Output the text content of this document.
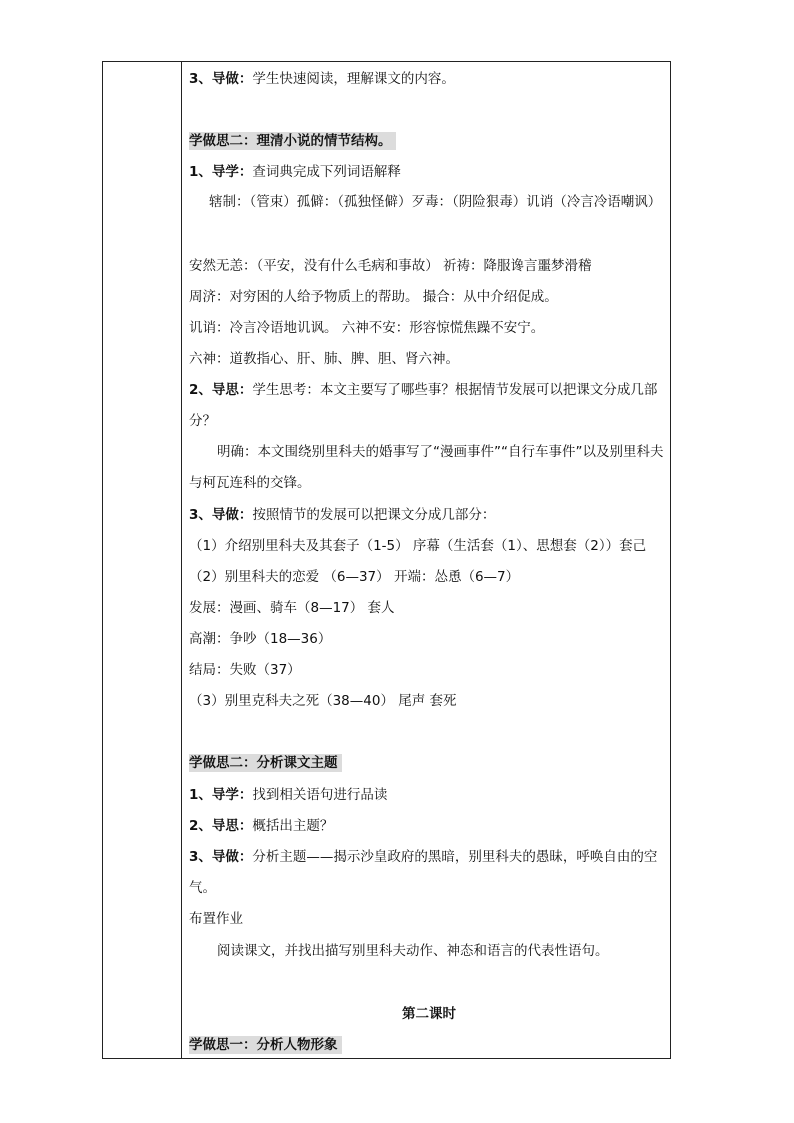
3、导做：学生快速阅读，理解课文的内容。
学做思二：理清小说的情节结构。
1、导学：查词典完成下列词语解释
辖制：（管束）孤僻：（孤独怪僻）歹毒：（阴险狠毒）讥诮（冷言冷语嘲讽）
安然无恙：（平安，没有什么毛病和事故） 祈祷：降服谗言噩梦滑稽
周济：对穷困的人给予物质上的帮助。 撮合：从中介绍促成。
讥诮：冷言冷语地讥讽。 六神不安：形容惊慌焦躁不安宁。
六神：道教指心、肝、肺、脾、胆、肾六神。
2、导思：学生思考：本文主要写了哪些事？根据情节发展可以把课文分成几部分？
明确：本文围绕别里科夫的婚事写了“漫画事件”“自行车事件”以及别里科夫与柯瓦连科的交锋。
3、导做：按照情节的发展可以把课文分成几部分：
（1）介绍别里科夫及其套子（1-5） 序幕（生活套（1）、思想套（2））套己
（2）别里科夫的恋爱 （6—37） 开端：怂恿（6—7）
发展：漫画、骑车（8—17） 套人
高潮：争吵（18—36）
结局：失败（37）
（3）别里克科夫之死（38—40） 尾声 套死
学做思二：分析课文主题
1、导学：找到相关语句进行品读
2、导思：概括出主题？
3、导做：分析主题——揭示沙皇政府的黑暗，别里科夫的愚昧，呼唤自由的空气。
布置作业
阅读课文，并找出描写别里科夫动作、神态和语言的代表性语句。
第二课时
学做思一：分析人物形象
